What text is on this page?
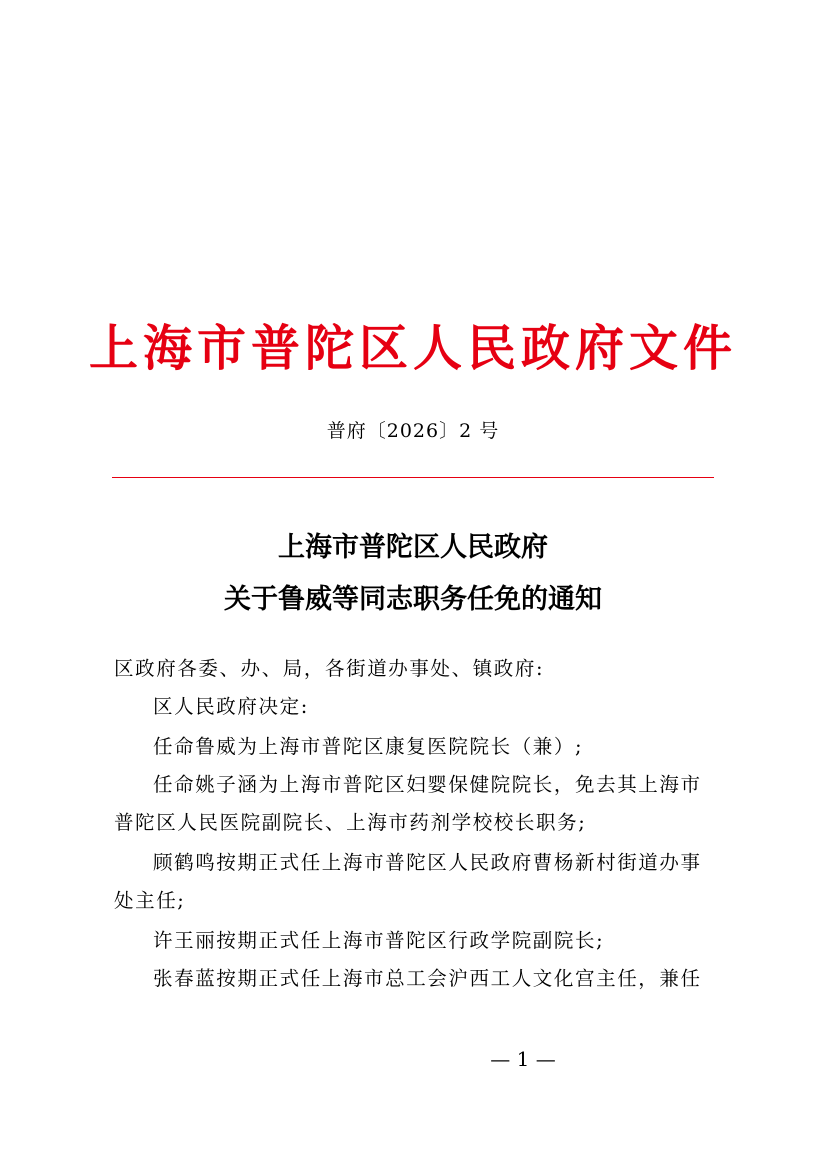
上海市普陀区人民政府文件
普府〔2026〕2 号
上海市普陀区人民政府
关于鲁威等同志职务任免的通知
区政府各委、办、局，各街道办事处、镇政府:
区人民政府决定:
任命鲁威为上海市普陀区康复医院院长（兼）;
任命姚子涵为上海市普陀区妇婴保健院院长，免去其上海市
普陀区人民医院副院长、上海市药剂学校校长职务;
顾鹤鸣按期正式任上海市普陀区人民政府曹杨新村街道办事
处主任;
许王丽按期正式任上海市普陀区行政学院副院长;
张春蓝按期正式任上海市总工会沪西工人文化宫主任，兼任
— 1 —
